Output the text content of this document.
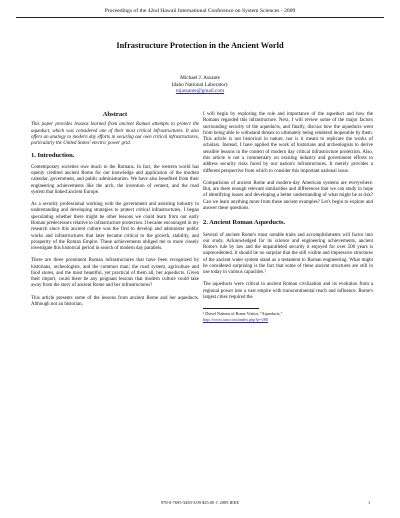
Proceedings of the 42nd Hawaii International Conference on System Sciences - 2009
Infrastructure Protection in the Ancient World
Michael J. Assante
Idaho National Laboratory
mjassante@gmail.com
Abstract

This paper provides lessons learned from ancient Roman attempts to protect the aqueduct, which was considered one of their most critical infrastructures. It also offers an analogy to modern day efforts in securing our own critical infrastructures, particularly the United States' electric power grid.

1. Introduction.

Contemporary societies owe much to the Romans. In fact, the western world has openly credited ancient Rome for our knowledge and application of the modern calendar, government, and public administration. We have also benefited from their engineering achievements like the arch, the invention of cement, and the road system that linked ancient Europe.

As a security professional working with the government and assisting industry in understanding and developing strategies to protect critical infrastructures, I began speculating whether there might be other lessons we could learn from our early Roman predecessors relative to infrastructure protection. I became encouraged in my research since this ancient culture was the first to develop and administer public works and infrastructures that later became critical to the growth, stability, and prosperity of the Roman Empire. These achievements obliged me to more closely investigate this historical period in search of modern day parallels.

There are three prominent Roman infrastructures that have been recognized by historians, archeologists, and the common man; the road system, agriculture and food stores, and the most beautiful, yet practical of them all, her aqueducts. Given their import, could there be any poignant lessons that modern culture could take away from the story of ancient Rome and her infrastructures?

This article presents some of the lessons from ancient Rome and her aqueducts. Although not an historian,

I will begin by exploring the role and importance of the aqueduct and how the Romans regarded this infrastructure. Next, I will review some of the major factors surrounding security of the aqueducts, and finally, discuss how the aqueducts went from being able to withstand threats to ultimately being rendered inoperable by them. This article is not historical in nature, nor is it meant to replicate the works of scholars. Instead, I have applied the work of historians and archeologists to derive sensible lessons in the context of modern day critical infrastructure protection. Also, this article is not a commentary on existing industry and government efforts to address security risks faced by our nation's infrastructures. It merely provides a different perspective from which to consider this important national issue.

Comparisons of ancient Rome and modern-day American systems are everywhere. But, are there enough relevant similarities and differences that we can study in hope of identifying issues and developing a better understanding of what might be at risk? Can we learn anything more from these ancient examples? Let's begin to explore and answer these questions.

2. Ancient Roman Aqueducts.

Several of ancient Rome's most notable traits and accomplishments will factor into our study. Acknowledged for its science and engineering achievements, ancient Rome's rule by law and the unparalleled security it enjoyed for over 500 years is unprecedented. It should be no surprise that the still visible and impressive structures of the ancient water system stand as a testament to Roman engineering. What might be considered surprising is the fact that some of these ancient structures are still in use today in various capacities.¹

The aqueducts were critical to ancient Roman civilization and its evolution from a regional power into a vast empire with transcontinental reach and influence. Rome's largest cities required the

¹ Diesel Nations of Rome Visitor, "Aqueducts,"
http://www.aaw.com/index.php?p=280
978-0-7695-3450-3/09 $25.00 © 2009 IEEE	1
